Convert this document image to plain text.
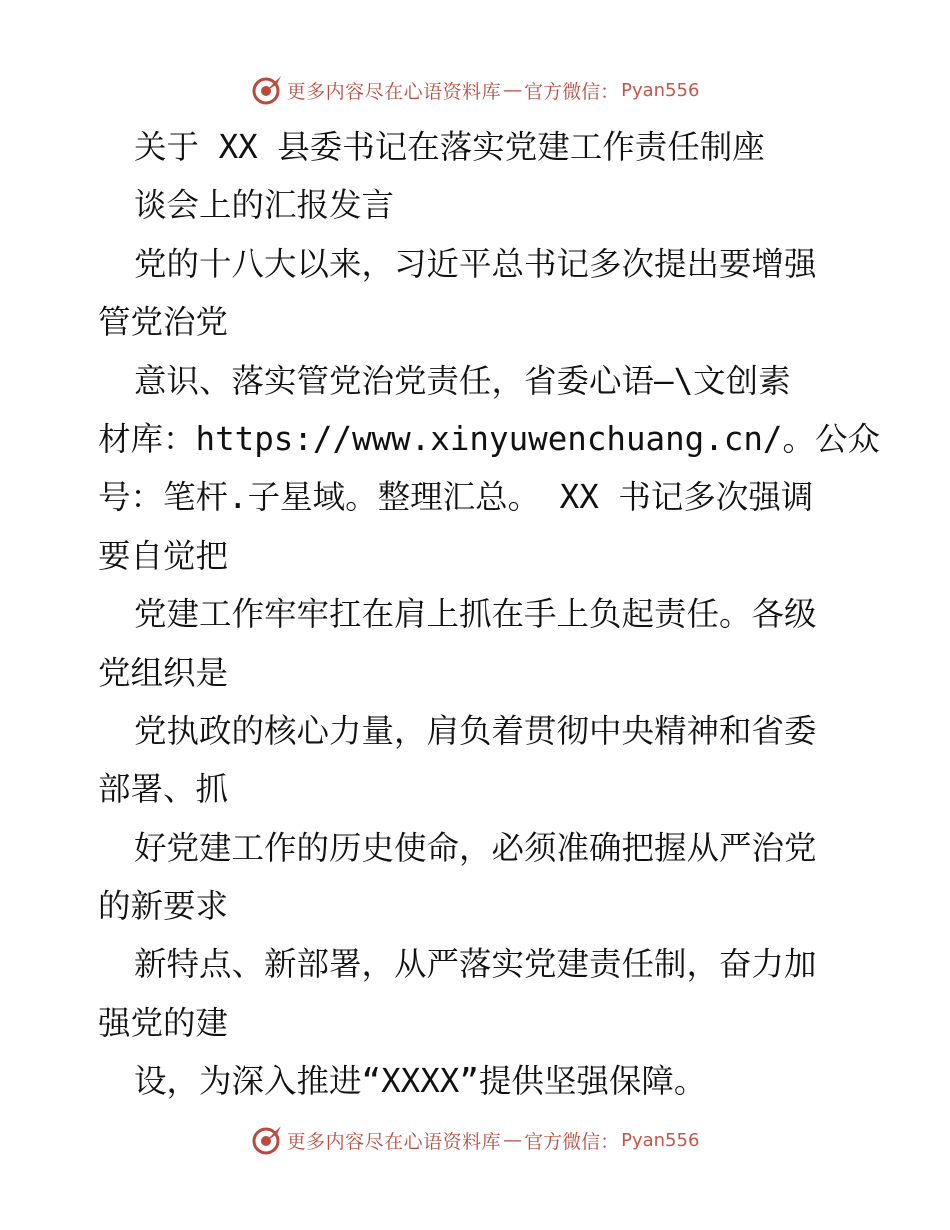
更多内容尽在心语资料库 — 官方微信： Pyan556
关于 XX 县委书记在落实党建工作责任制座
谈会上的汇报发言
党的十八大以来，习近平总书记多次提出要增强
管党治党
意识、落实管党治党责任，省委心语—\文创素
材库：https://www.xinyuwenchuang.cn/。公众
号：笔杆.子星域。整理汇总。 XX 书记多次强调
要自觉把
党建工作牢牢扛在肩上抓在手上负起责任。各级
党组织是
党执政的核心力量，肩负着贯彻中央精神和省委
部署、抓
好党建工作的历史使命，必须准确把握从严治党
的新要求
新特点、新部署，从严落实党建责任制，奋力加
强党的建
设，为深入推进“XXXX”提供坚强保障。
更多内容尽在心语资料库 — 官方微信： Pyan556
